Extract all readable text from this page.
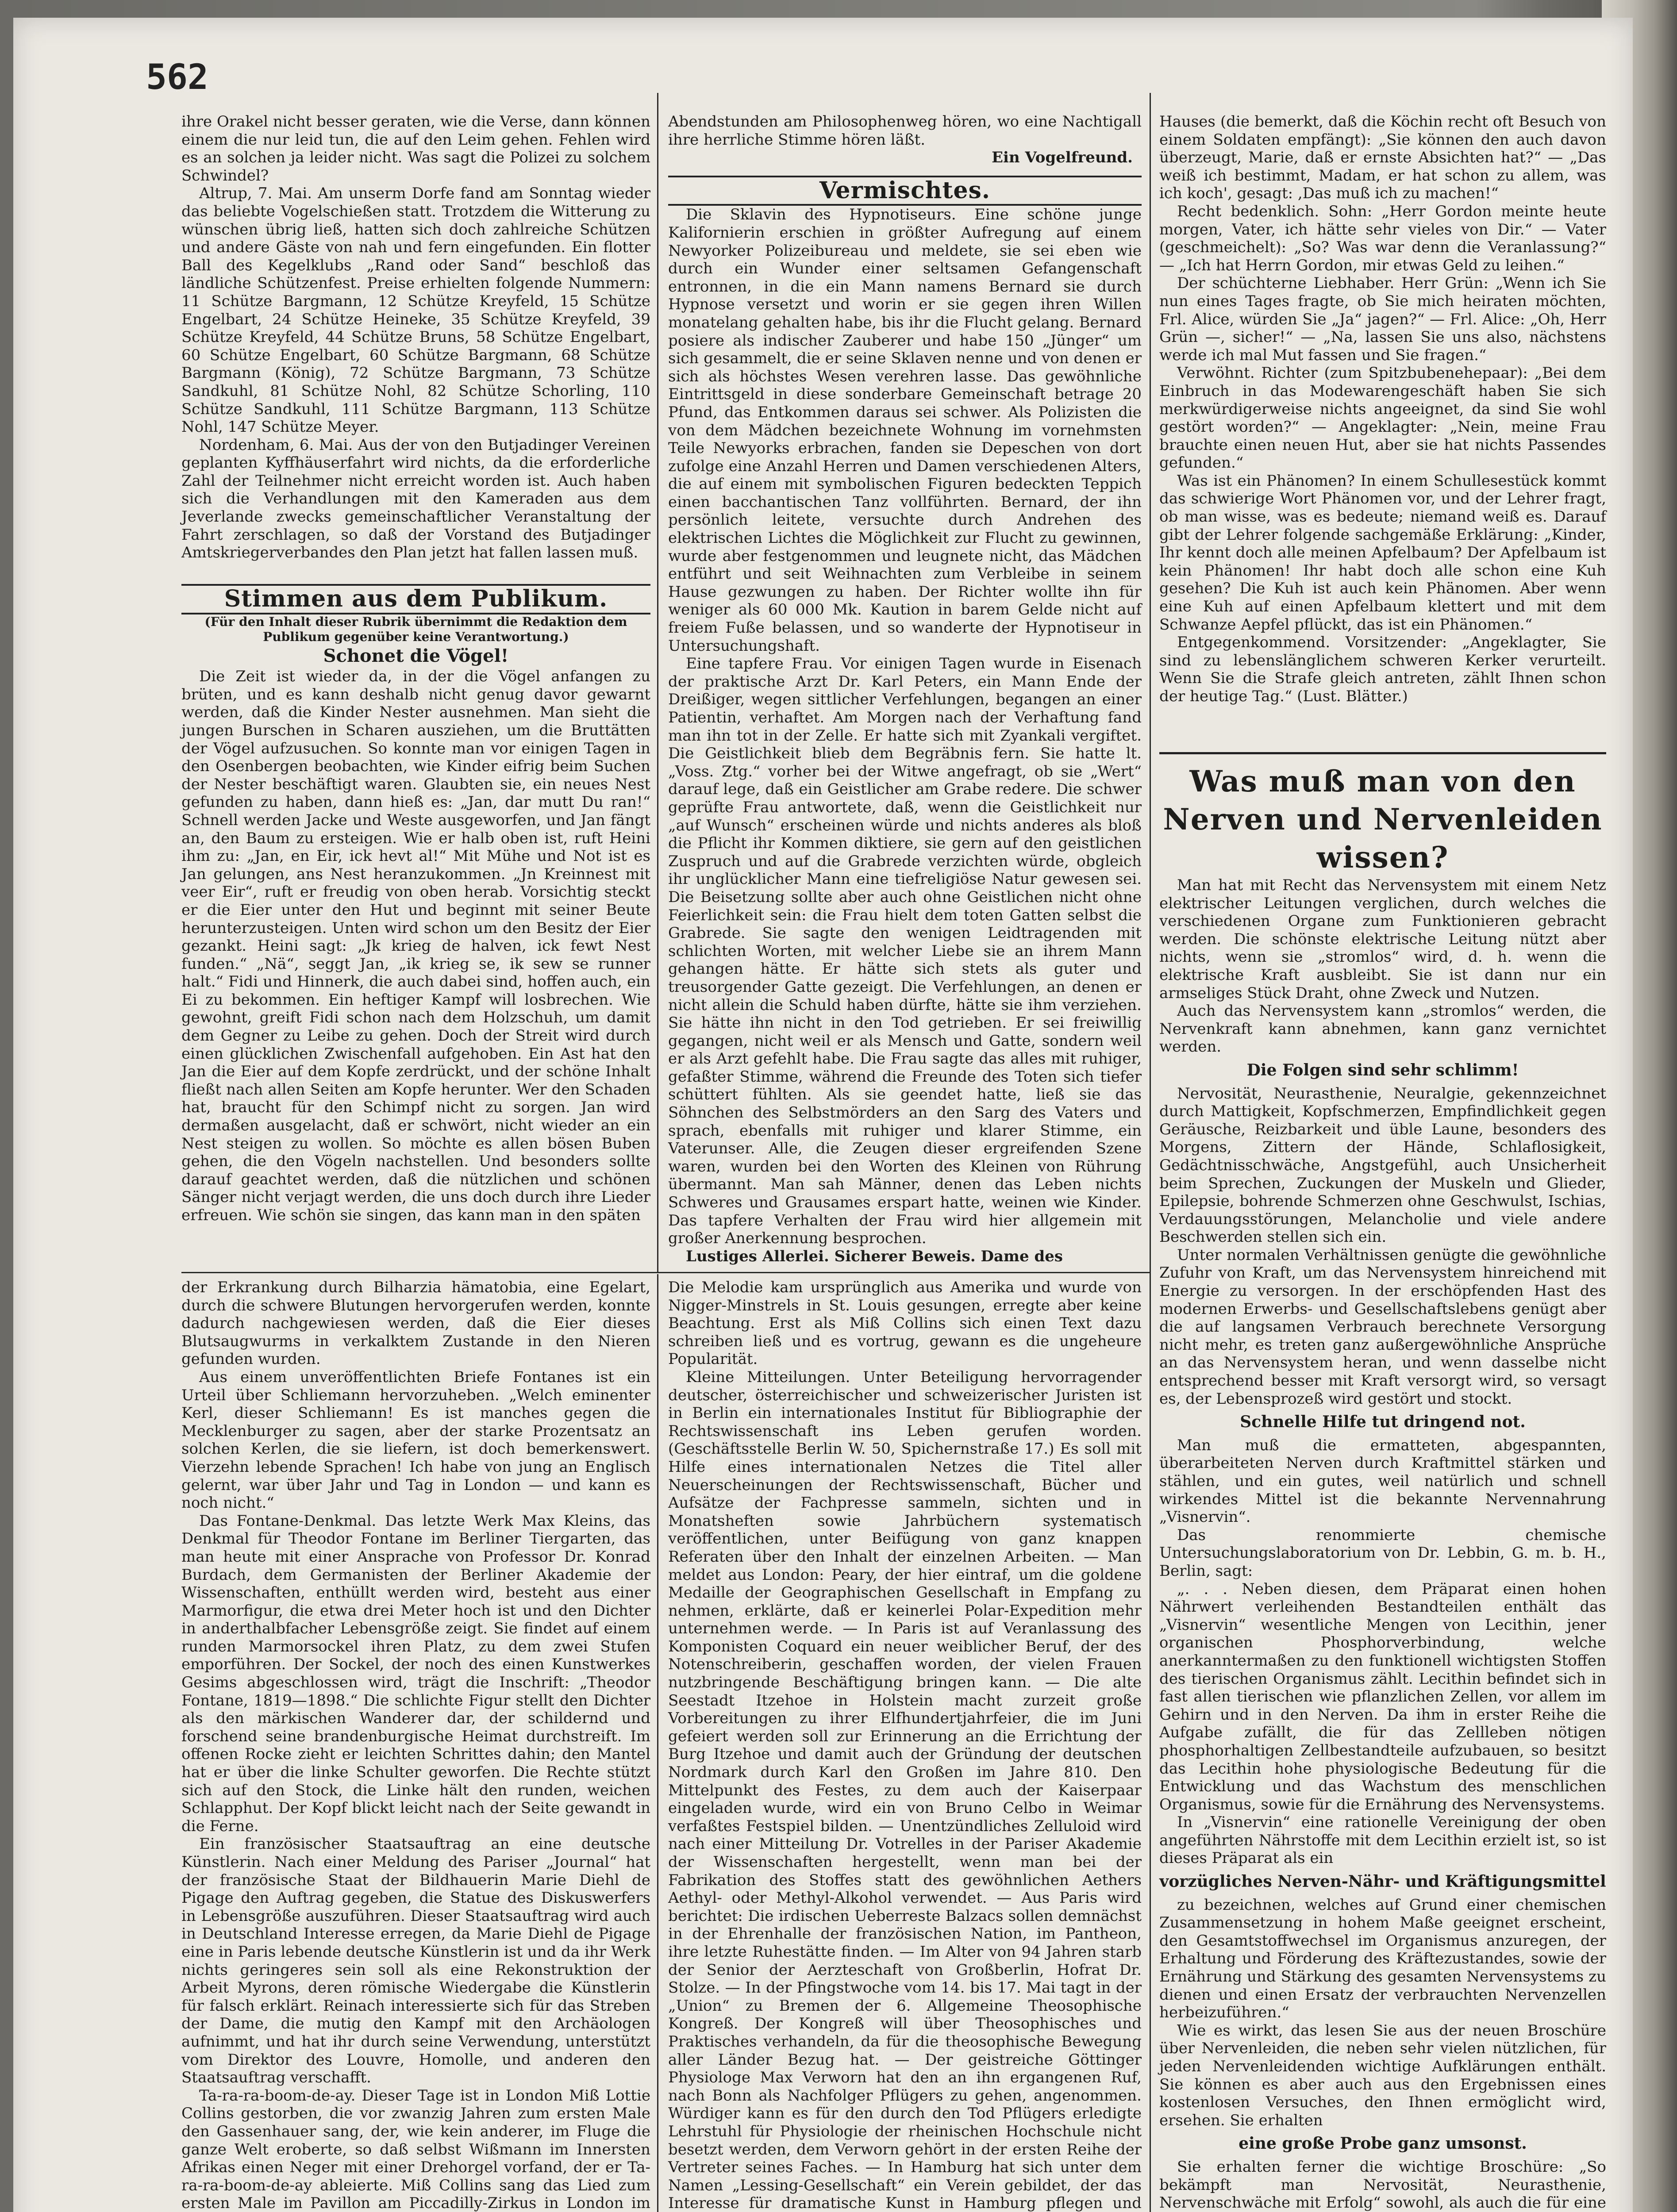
562

ihre Orakel nicht besser geraten, wie die Verse, dann können einem die nur leid tun, die auf den Leim gehen. Fehlen wird es an solchen ja leider nicht. Was sagt die Polizei zu solchem Schwindel?

Altrup, 7. Mai. Am unserm Dorfe fand am Sonntag wieder das beliebte Vogelschießen statt. Trotzdem die Witterung zu wünschen übrig ließ, hatten sich doch zahlreiche Schützen und andere Gäste von nah und fern eingefunden. Ein flotter Ball des Kegelklubs „Rand oder Sand“ beschloß das ländliche Schützenfest. Preise erhielten folgende Nummern: 11 Schütze Bargmann, 12 Schütze Kreyfeld, 15 Schütze Engelbart, 24 Schütze Heineke, 35 Schütze Kreyfeld, 39 Schütze Kreyfeld, 44 Schütze Bruns, 58 Schütze Engelbart, 60 Schütze Engelbart, 60 Schütze Bargmann, 68 Schütze Bargmann (König), 72 Schütze Bargmann, 73 Schütze Sandkuhl, 81 Schütze Nohl, 82 Schütze Schorling, 110 Schütze Sandkuhl, 111 Schütze Bargmann, 113 Schütze Nohl, 147 Schütze Meyer.

Nordenham, 6. Mai. Aus der von den Butjadinger Vereinen geplanten Kyffhäuserfahrt wird nichts, da die erforderliche Zahl der Teilnehmer nicht erreicht worden ist. Auch haben sich die Verhandlungen mit den Kameraden aus dem Jeverlande zwecks gemeinschaftlicher Veranstaltung der Fahrt zerschlagen, so daß der Vorstand des Butjadinger Amtskriegerverbandes den Plan jetzt hat fallen lassen muß.

Stimmen aus dem Publikum.
(Für den Inhalt dieser Rubrik übernimmt die Redaktion dem Publikum gegenüber keine Verantwortung.)
Schonet die Vögel!

Die Zeit ist wieder da, in der die Vögel anfangen zu brüten, und es kann deshalb nicht genug davor gewarnt werden, daß die Kinder Nester ausnehmen. Man sieht die jungen Burschen in Scharen ausziehen, um die Bruttätten der Vögel aufzusuchen. So konnte man vor einigen Tagen in den Osenbergen beobachten, wie Kinder eifrig beim Suchen der Nester beschäftigt waren. Glaubten sie, ein neues Nest gefunden zu haben, dann hieß es: „Jan, dar mutt Du ran!“ Schnell werden Jacke und Weste ausgeworfen, und Jan fängt an, den Baum zu ersteigen. Wie er halb oben ist, ruft Heini ihm zu: „Jan, en Eir, ick hevt al!“ Mit Mühe und Not ist es Jan gelungen, ans Nest heranzukommen. „Jn Kreinnest mit veer Eir“, ruft er freudig von oben herab. Vorsichtig steckt er die Eier unter den Hut und beginnt mit seiner Beute herunterzusteigen. Unten wird schon um den Besitz der Eier gezankt. Heini sagt: „Jk krieg de halven, ick fewt Nest funden.“ „Nä“, seggt Jan, „ik krieg se, ik sew se runner halt.“ Fidi und Hinnerk, die auch dabei sind, hoffen auch, ein Ei zu bekommen. Ein heftiger Kampf will losbrechen. Wie gewohnt, greift Fidi schon nach dem Holzschuh, um damit dem Gegner zu Leibe zu gehen. Doch der Streit wird durch einen glücklichen Zwischenfall aufgehoben. Ein Ast hat den Jan die Eier auf dem Kopfe zerdrückt, und der schöne Inhalt fließt nach allen Seiten am Kopfe herunter. Wer den Schaden hat, braucht für den Schimpf nicht zu sorgen. Jan wird dermaßen ausgelacht, daß er schwört, nicht wieder an ein Nest steigen zu wollen. So möchte es allen bösen Buben gehen, die den Vögeln nachstellen. Und besonders sollte darauf geachtet werden, daß die nützlichen und schönen Sänger nicht verjagt werden, die uns doch durch ihre Lieder erfreuen. Wie schön sie singen, das kann man in den späten

Abendstunden am Philosophenweg hören, wo eine Nachtigall ihre herrliche Stimme hören läßt.

Ein Vogelfreund.
Vermischtes.

Die Sklavin des Hypnotiseurs. Eine schöne junge Kalifornierin erschien in größter Aufregung auf einem Newyorker Polizeibureau und meldete, sie sei eben wie durch ein Wunder einer seltsamen Gefangenschaft entronnen, in die ein Mann namens Bernard sie durch Hypnose versetzt und worin er sie gegen ihren Willen monatelang gehalten habe, bis ihr die Flucht gelang. Bernard posiere als indischer Zauberer und habe 150 „Jünger“ um sich gesammelt, die er seine Sklaven nenne und von denen er sich als höchstes Wesen verehren lasse. Das gewöhnliche Eintrittsgeld in diese sonderbare Gemeinschaft betrage 20 Pfund, das Entkommen daraus sei schwer. Als Polizisten die von dem Mädchen bezeichnete Wohnung im vornehmsten Teile Newyorks erbrachen, fanden sie Depeschen von dort zufolge eine Anzahl Herren und Damen verschiedenen Alters, die auf einem mit symbolischen Figuren bedeckten Teppich einen bacchantischen Tanz vollführten. Bernard, der ihn persönlich leitete, versuchte durch Andrehen des elektrischen Lichtes die Möglichkeit zur Flucht zu gewinnen, wurde aber festgenommen und leugnete nicht, das Mädchen entführt und seit Weihnachten zum Verbleibe in seinem Hause gezwungen zu haben. Der Richter wollte ihn für weniger als 60 000 Mk. Kaution in barem Gelde nicht auf freiem Fuße belassen, und so wanderte der Hypnotiseur in Untersuchungshaft.

Eine tapfere Frau. Vor einigen Tagen wurde in Eisenach der praktische Arzt Dr. Karl Peters, ein Mann Ende der Dreißiger, wegen sittlicher Verfehlungen, begangen an einer Patientin, verhaftet. Am Morgen nach der Verhaftung fand man ihn tot in der Zelle. Er hatte sich mit Zyankali vergiftet. Die Geistlichkeit blieb dem Begräbnis fern. Sie hatte lt. „Voss. Ztg.“ vorher bei der Witwe angefragt, ob sie „Wert“ darauf lege, daß ein Geistlicher am Grabe redere. Die schwer geprüfte Frau antwortete, daß, wenn die Geistlichkeit nur „auf Wunsch“ erscheinen würde und nichts anderes als bloß die Pflicht ihr Kommen diktiere, sie gern auf den geistlichen Zuspruch und auf die Grabrede verzichten würde, obgleich ihr unglücklicher Mann eine tiefreligiöse Natur gewesen sei. Die Beisetzung sollte aber auch ohne Geistlichen nicht ohne Feierlichkeit sein: die Frau hielt dem toten Gatten selbst die Grabrede. Sie sagte den wenigen Leidtragenden mit schlichten Worten, mit welcher Liebe sie an ihrem Mann gehangen hätte. Er hätte sich stets als guter und treusorgender Gatte gezeigt. Die Verfehlungen, an denen er nicht allein die Schuld haben dürfte, hätte sie ihm verziehen. Sie hätte ihn nicht in den Tod getrieben. Er sei freiwillig gegangen, nicht weil er als Mensch und Gatte, sondern weil er als Arzt gefehlt habe. Die Frau sagte das alles mit ruhiger, gefaßter Stimme, während die Freunde des Toten sich tiefer schüttert fühlten. Als sie geendet hatte, ließ sie das Söhnchen des Selbstmörders an den Sarg des Vaters und sprach, ebenfalls mit ruhiger und klarer Stimme, ein Vaterunser. Alle, die Zeugen dieser ergreifenden Szene waren, wurden bei den Worten des Kleinen von Rührung übermannt. Man sah Männer, denen das Leben nichts Schweres und Grausames erspart hatte, weinen wie Kinder. Das tapfere Verhalten der Frau wird hier allgemein mit großer Anerkennung besprochen.

Lustiges Allerlei. Sicherer Beweis. Dame des

Hauses (die bemerkt, daß die Köchin recht oft Besuch von einem Soldaten empfängt): „Sie können den auch davon überzeugt, Marie, daß er ernste Absichten hat?“ — „Das weiß ich bestimmt, Madam, er hat schon zu allem, was ich koch', gesagt: ,Das muß ich zu machen!“

Recht bedenklich. Sohn: „Herr Gordon meinte heute morgen, Vater, ich hätte sehr vieles von Dir.“ — Vater (geschmeichelt): „So? Was war denn die Veranlassung?“ — „Ich hat Herrn Gordon, mir etwas Geld zu leihen.“

Der schüchterne Liebhaber. Herr Grün: „Wenn ich Sie nun eines Tages fragte, ob Sie mich heiraten möchten, Frl. Alice, würden Sie „Ja“ jagen?“ — Frl. Alice: „Oh, Herr Grün —, sicher!“ — „Na, lassen Sie uns also, nächstens werde ich mal Mut fassen und Sie fragen.“

Verwöhnt. Richter (zum Spitzbubenehepaar): „Bei dem Einbruch in das Modewarengeschäft haben Sie sich merkwürdigerweise nichts angeeignet, da sind Sie wohl gestört worden?“ — Angeklagter: „Nein, meine Frau brauchte einen neuen Hut, aber sie hat nichts Passendes gefunden.“

Was ist ein Phänomen? In einem Schullesestück kommt das schwierige Wort Phänomen vor, und der Lehrer fragt, ob man wisse, was es bedeute; niemand weiß es. Darauf gibt der Lehrer folgende sachgemäße Erklärung: „Kinder, Ihr kennt doch alle meinen Apfelbaum? Der Apfelbaum ist kein Phänomen! Ihr habt doch alle schon eine Kuh gesehen? Die Kuh ist auch kein Phänomen. Aber wenn eine Kuh auf einen Apfelbaum klettert und mit dem Schwanze Aepfel pflückt, das ist ein Phänomen.“

Entgegenkommend. Vorsitzender: „Angeklagter, Sie sind zu lebenslänglichem schweren Kerker verurteilt. Wenn Sie die Strafe gleich antreten, zählt Ihnen schon der heutige Tag.“ (Lust. Blätter.)

Was muß man von den Nerven und Nervenleiden wissen?

Man hat mit Recht das Nervensystem mit einem Netz elektrischer Leitungen verglichen, durch welches die verschiedenen Organe zum Funktionieren gebracht werden. Die schönste elektrische Leitung nützt aber nichts, wenn sie „stromlos“ wird, d. h. wenn die elektrische Kraft ausbleibt. Sie ist dann nur ein armseliges Stück Draht, ohne Zweck und Nutzen.

Auch das Nervensystem kann „stromlos“ werden, die Nervenkraft kann abnehmen, kann ganz vernichtet werden.

Die Folgen sind sehr schlimm!

Nervosität, Neurasthenie, Neuralgie, gekennzeichnet durch Mattigkeit, Kopfschmerzen, Empfindlichkeit gegen Geräusche, Reizbarkeit und üble Laune, besonders des Morgens, Zittern der Hände, Schlaflosigkeit, Gedächtnisschwäche, Angstgefühl, auch Unsicherheit beim Sprechen, Zuckungen der Muskeln und Glieder, Epilepsie, bohrende Schmerzen ohne Geschwulst, Ischias, Verdauungsstörungen, Melancholie und viele andere Beschwerden stellen sich ein.

Unter normalen Verhältnissen genügte die gewöhnliche Zufuhr von Kraft, um das Nervensystem hinreichend mit Energie zu versorgen. In der erschöpfenden Hast des modernen Erwerbs- und Gesellschaftslebens genügt aber die auf langsamen Verbrauch berechnete Versorgung nicht mehr, es treten ganz außergewöhnliche Ansprüche an das Nervensystem heran, und wenn dasselbe nicht entsprechend besser mit Kraft versorgt wird, so versagt es, der Lebensprozeß wird gestört und stockt.

Schnelle Hilfe tut dringend not.

Man muß die ermatteten, abgespannten, überarbeiteten Nerven durch Kraftmittel stärken und stählen, und ein gutes, weil natürlich und schnell wirkendes Mittel ist die bekannte Nervennahrung „Visnervin“.

Das renommierte chemische Untersuchungslaboratorium von Dr. Lebbin, G. m. b. H., Berlin, sagt:

„. . . Neben diesen, dem Präparat einen hohen Nährwert verleihenden Bestandteilen enthält das „Visnervin“ wesentliche Mengen von Lecithin, jener organischen Phosphorverbindung, welche anerkanntermaßen zu den funktionell wichtigsten Stoffen des tierischen Organismus zählt. Lecithin befindet sich in fast allen tierischen wie pflanzlichen Zellen, vor allem im Gehirn und in den Nerven. Da ihm in erster Reihe die Aufgabe zufällt, die für das Zellleben nötigen phosphorhaltigen Zellbestandteile aufzubauen, so besitzt das Lecithin hohe physiologische Bedeutung für die Entwicklung und das Wachstum des menschlichen Organismus, sowie für die Ernährung des Nervensystems.

In „Visnervin“ eine rationelle Vereinigung der oben angeführten Nährstoffe mit dem Lecithin erzielt ist, so ist dieses Präparat als ein

vorzügliches Nerven-Nähr- und Kräftigungsmittel

zu bezeichnen, welches auf Grund einer chemischen Zusammensetzung in hohem Maße geeignet erscheint, den Gesamtstoffwechsel im Organismus anzuregen, der Erhaltung und Förderung des Kräftezustandes, sowie der Ernährung und Stärkung des gesamten Nervensystems zu dienen und einen Ersatz der verbrauchten Nervenzellen herbeizuführen.“

Wie es wirkt, das lesen Sie aus der neuen Broschüre über Nervenleiden, die neben sehr vielen nützlichen, für jeden Nervenleidenden wichtige Aufklärungen enthält. Sie können es aber auch aus den Ergebnissen eines kostenlosen Versuches, den Ihnen ermöglicht wird, ersehen. Sie erhalten

eine große Probe ganz umsonst.

Sie erhalten ferner die wichtige Broschüre: „So bekämpft man Nervosität, Neurasthenie, Nervenschwäche mit Erfolg“ sowohl, als auch die für eine

der Erkrankung durch Bilharzia hämatobia, eine Egelart, durch die schwere Blutungen hervorgerufen werden, konnte dadurch nachgewiesen werden, daß die Eier dieses Blutsaugwurms in verkalktem Zustande in den Nieren gefunden wurden.

Aus einem unveröffentlichten Briefe Fontanes ist ein Urteil über Schliemann hervorzuheben. „Welch eminenter Kerl, dieser Schliemann! Es ist manches gegen die Mecklenburger zu sagen, aber der starke Prozentsatz an solchen Kerlen, die sie liefern, ist doch bemerkenswert. Vierzehn lebende Sprachen! Ich habe von jung an Englisch gelernt, war über Jahr und Tag in London — und kann es noch nicht.“

Das Fontane-Denkmal. Das letzte Werk Max Kleins, das Denkmal für Theodor Fontane im Berliner Tiergarten, das man heute mit einer Ansprache von Professor Dr. Konrad Burdach, dem Germanisten der Berliner Akademie der Wissenschaften, enthüllt werden wird, besteht aus einer Marmorfigur, die etwa drei Meter hoch ist und den Dichter in anderthalbfacher Lebensgröße zeigt. Sie findet auf einem runden Marmorsockel ihren Platz, zu dem zwei Stufen emporführen. Der Sockel, der noch des einen Kunstwerkes Gesims abgeschlossen wird, trägt die Inschrift: „Theodor Fontane, 1819—1898.“ Die schlichte Figur stellt den Dichter als den märkischen Wanderer dar, der schildernd und forschend seine brandenburgische Heimat durchstreift. Im offenen Rocke zieht er leichten Schrittes dahin; den Mantel hat er über die linke Schulter geworfen. Die Rechte stützt sich auf den Stock, die Linke hält den runden, weichen Schlapphut. Der Kopf blickt leicht nach der Seite gewandt in die Ferne.

Ein französischer Staatsauftrag an eine deutsche Künstlerin. Nach einer Meldung des Pariser „Journal“ hat der französische Staat der Bildhauerin Marie Diehl de Pigage den Auftrag gegeben, die Statue des Diskuswerfers in Lebensgröße auszuführen. Dieser Staatsauftrag wird auch in Deutschland Interesse erregen, da Marie Diehl de Pigage eine in Paris lebende deutsche Künstlerin ist und da ihr Werk nichts geringeres sein soll als eine Rekonstruktion der Arbeit Myrons, deren römische Wiedergabe die Künstlerin für falsch erklärt. Reinach interessierte sich für das Streben der Dame, die mutig den Kampf mit den Archäologen aufnimmt, und hat ihr durch seine Verwendung, unterstützt vom Direktor des Louvre, Homolle, und anderen den Staatsauftrag verschafft.

Ta-ra-ra-boom-de-ay. Dieser Tage ist in London Miß Lottie Collins gestorben, die vor zwanzig Jahren zum ersten Male den Gassenhauer sang, der, wie kein anderer, im Fluge die ganze Welt eroberte, so daß selbst Wißmann im Innersten Afrikas einen Neger mit einer Drehorgel vorfand, der er Ta-ra-ra-boom-de-ay ableierte. Miß Collins sang das Lied zum ersten Male im Pavillon am Piccadilly-Zirkus in London im

Die Melodie kam ursprünglich aus Amerika und wurde von Nigger-Minstrels in St. Louis gesungen, erregte aber keine Beachtung. Erst als Miß Collins sich einen Text dazu schreiben ließ und es vortrug, gewann es die ungeheure Popularität.

Kleine Mitteilungen. Unter Beteiligung hervorragender deutscher, österreichischer und schweizerischer Juristen ist in Berlin ein internationales Institut für Bibliographie der Rechtswissenschaft ins Leben gerufen worden. (Geschäftsstelle Berlin W. 50, Spichernstraße 17.) Es soll mit Hilfe eines internationalen Netzes die Titel aller Neuerscheinungen der Rechtswissenschaft, Bücher und Aufsätze der Fachpresse sammeln, sichten und in Monatsheften sowie Jahrbüchern systematisch veröffentlichen, unter Beifügung von ganz knappen Referaten über den Inhalt der einzelnen Arbeiten. — Man meldet aus London: Peary, der hier eintraf, um die goldene Medaille der Geographischen Gesellschaft in Empfang zu nehmen, erklärte, daß er keinerlei Polar-Expedition mehr unternehmen werde. — In Paris ist auf Veranlassung des Komponisten Coquard ein neuer weiblicher Beruf, der des Notenschreiberin, geschaffen worden, der vielen Frauen nutzbringende Beschäftigung bringen kann. — Die alte Seestadt Itzehoe in Holstein macht zurzeit große Vorbereitungen zu ihrer Elfhundertjahrfeier, die im Juni gefeiert werden soll zur Erinnerung an die Errichtung der Burg Itzehoe und damit auch der Gründung der deutschen Nordmark durch Karl den Großen im Jahre 810. Den Mittelpunkt des Festes, zu dem auch der Kaiserpaar eingeladen wurde, wird ein von Bruno Celbo in Weimar verfaßtes Festspiel bilden. — Unentzündliches Zelluloid wird nach einer Mitteilung Dr. Votrelles in der Pariser Akademie der Wissenschaften hergestellt, wenn man bei der Fabrikation des Stoffes statt des gewöhnlichen Aethers Aethyl- oder Methyl-Alkohol verwendet. — Aus Paris wird berichtet: Die irdischen Ueberreste Balzacs sollen demnächst in der Ehrenhalle der französischen Nation, im Pantheon, ihre letzte Ruhestätte finden. — Im Alter von 94 Jahren starb der Senior der Aerzteschaft von Großberlin, Hofrat Dr. Stolze. — In der Pfingstwoche vom 14. bis 17. Mai tagt in der „Union“ zu Bremen der 6. Allgemeine Theosophische Kongreß. Der Kongreß will über Theosophisches und Praktisches verhandeln, da für die theosophische Bewegung aller Länder Bezug hat. — Der geistreiche Göttinger Physiologe Max Verworn hat den an ihn ergangenen Ruf, nach Bonn als Nachfolger Pflügers zu gehen, angenommen. Würdiger kann es für den durch den Tod Pflügers erledigte Lehrstuhl für Physiologie der rheinischen Hochschule nicht besetzt werden, dem Verworn gehört in der ersten Reihe der Vertreter seines Faches. — In Hamburg hat sich unter dem Namen „Lessing-Gesellschaft“ ein Verein gebildet, der das Interesse für dramatische Kunst in Hamburg pflegen und
